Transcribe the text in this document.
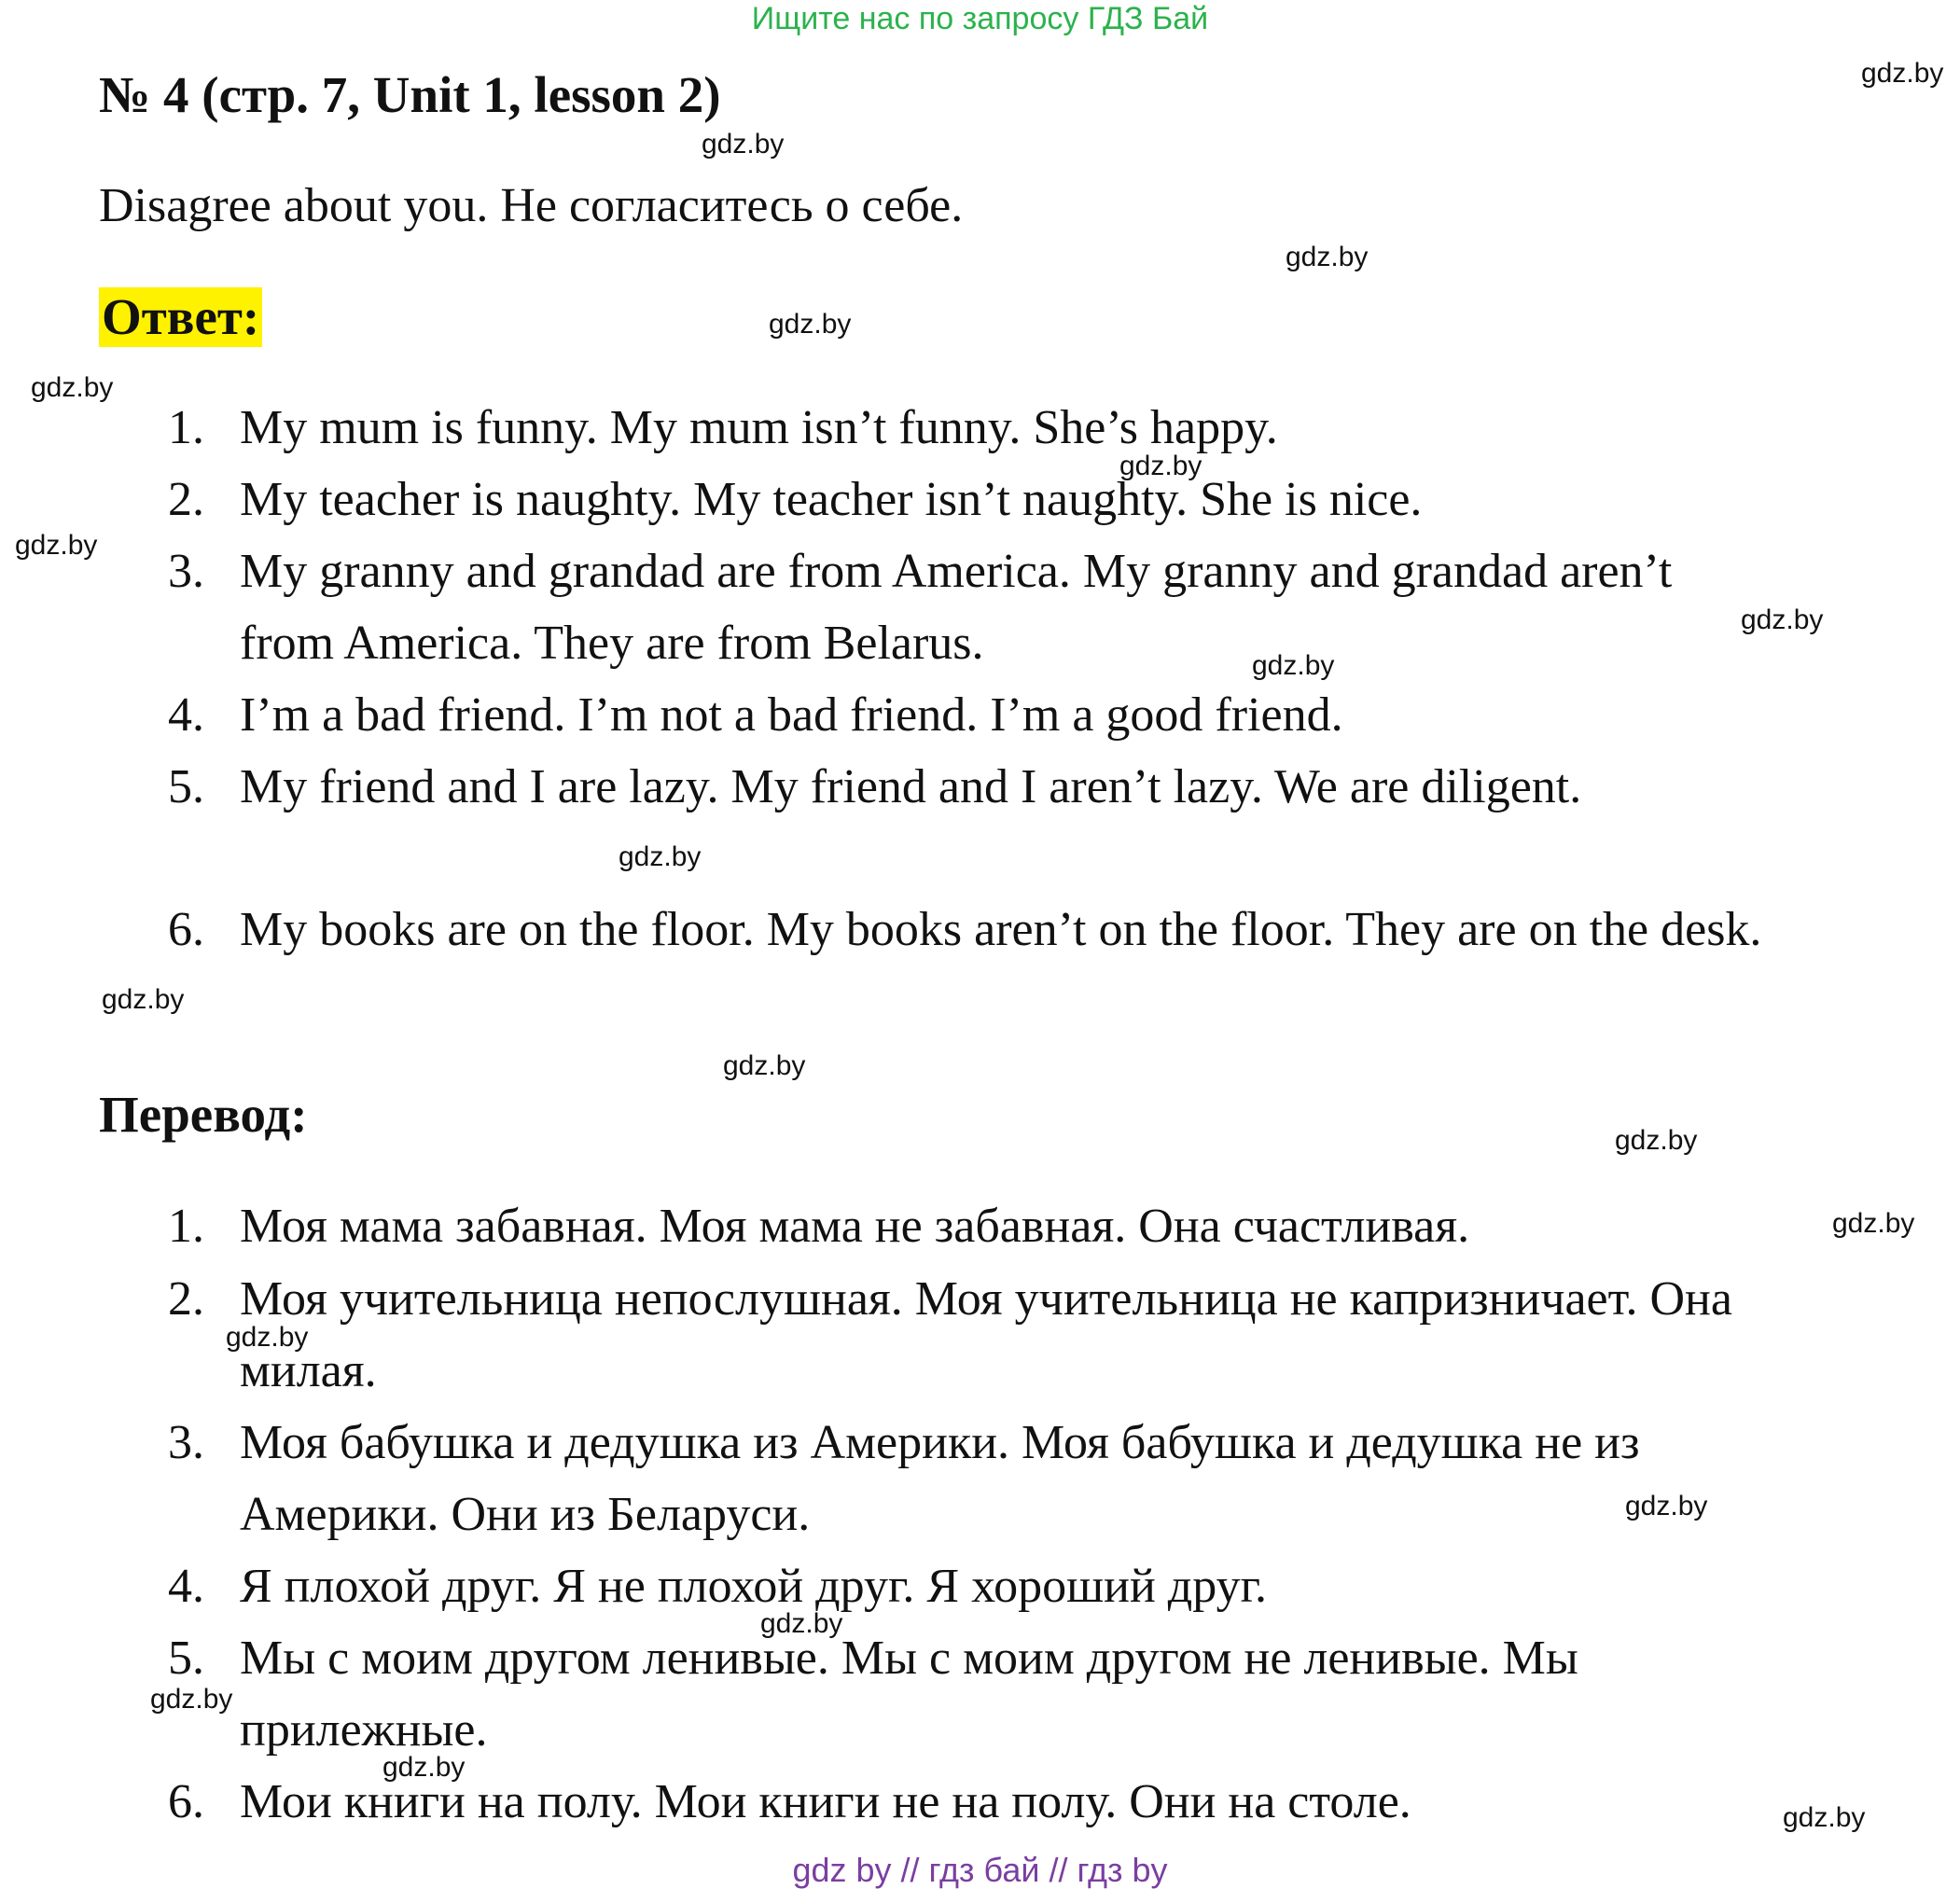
Ищите нас по запросу ГДЗ Бай
№ 4 (стр. 7, Unit 1, lesson 2)
Disagree about you. Не согласитесь о себе.
Ответ:
1. My mum is funny. My mum isn’t funny. She’s happy.
2. My teacher is naughty. My teacher isn’t naughty. She is nice.
3. My granny and grandad are from America. My granny and grandad aren’t from America. They are from Belarus.
4. I’m a bad friend. I’m not a bad friend. I’m a good friend.
5. My friend and I are lazy. My friend and I aren’t lazy. We are diligent.
6. My books are on the floor. My books aren’t on the floor. They are on the desk.
Перевод:
1. Моя мама забавная. Моя мама не забавная. Она счастливая.
2. Моя учительница непослушная. Моя учительница не капризничает. Она милая.
3. Моя бабушка и дедушка из Америки. Моя бабушка и дедушка не из Америки. Они из Беларуси.
4. Я плохой друг. Я не плохой друг. Я хороший друг.
5. Мы с моим другом ленивые. Мы с моим другом не ленивые. Мы прилежные.
6. Мои книги на полу. Мои книги не на полу. Они на столе.
gdz.by
gdz.by
gdz.by
gdz.by
gdz.by
gdz.by
gdz.by
gdz.by
gdz.by
gdz.by
gdz.by
gdz.by
gdz.by
gdz.by
gdz.by
gdz.by
gdz.by
gdz.by
gdz.by
gdz.by
gdz by // гдз бай // гдз by
